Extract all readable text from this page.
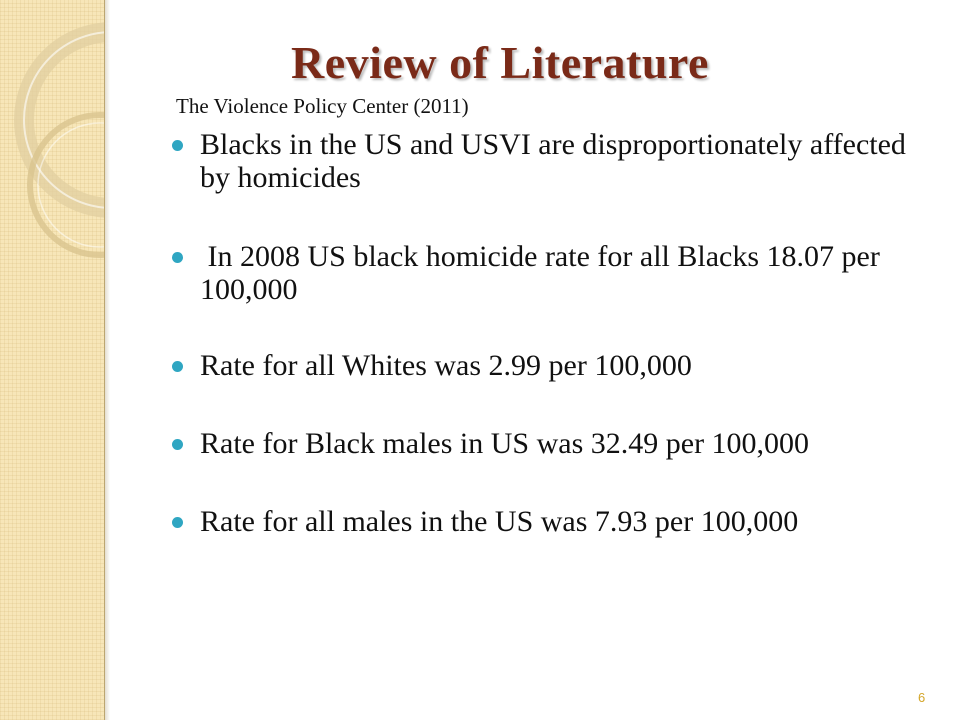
Review of Literature
The Violence Policy Center (2011)
Blacks in the US and USVI are disproportionately affected by homicides
In 2008 US black homicide rate for all Blacks 18.07 per 100,000
Rate for all Whites was 2.99 per 100,000
Rate for Black males in US was 32.49 per 100,000
Rate for all males in the US was 7.93 per 100,000
6
